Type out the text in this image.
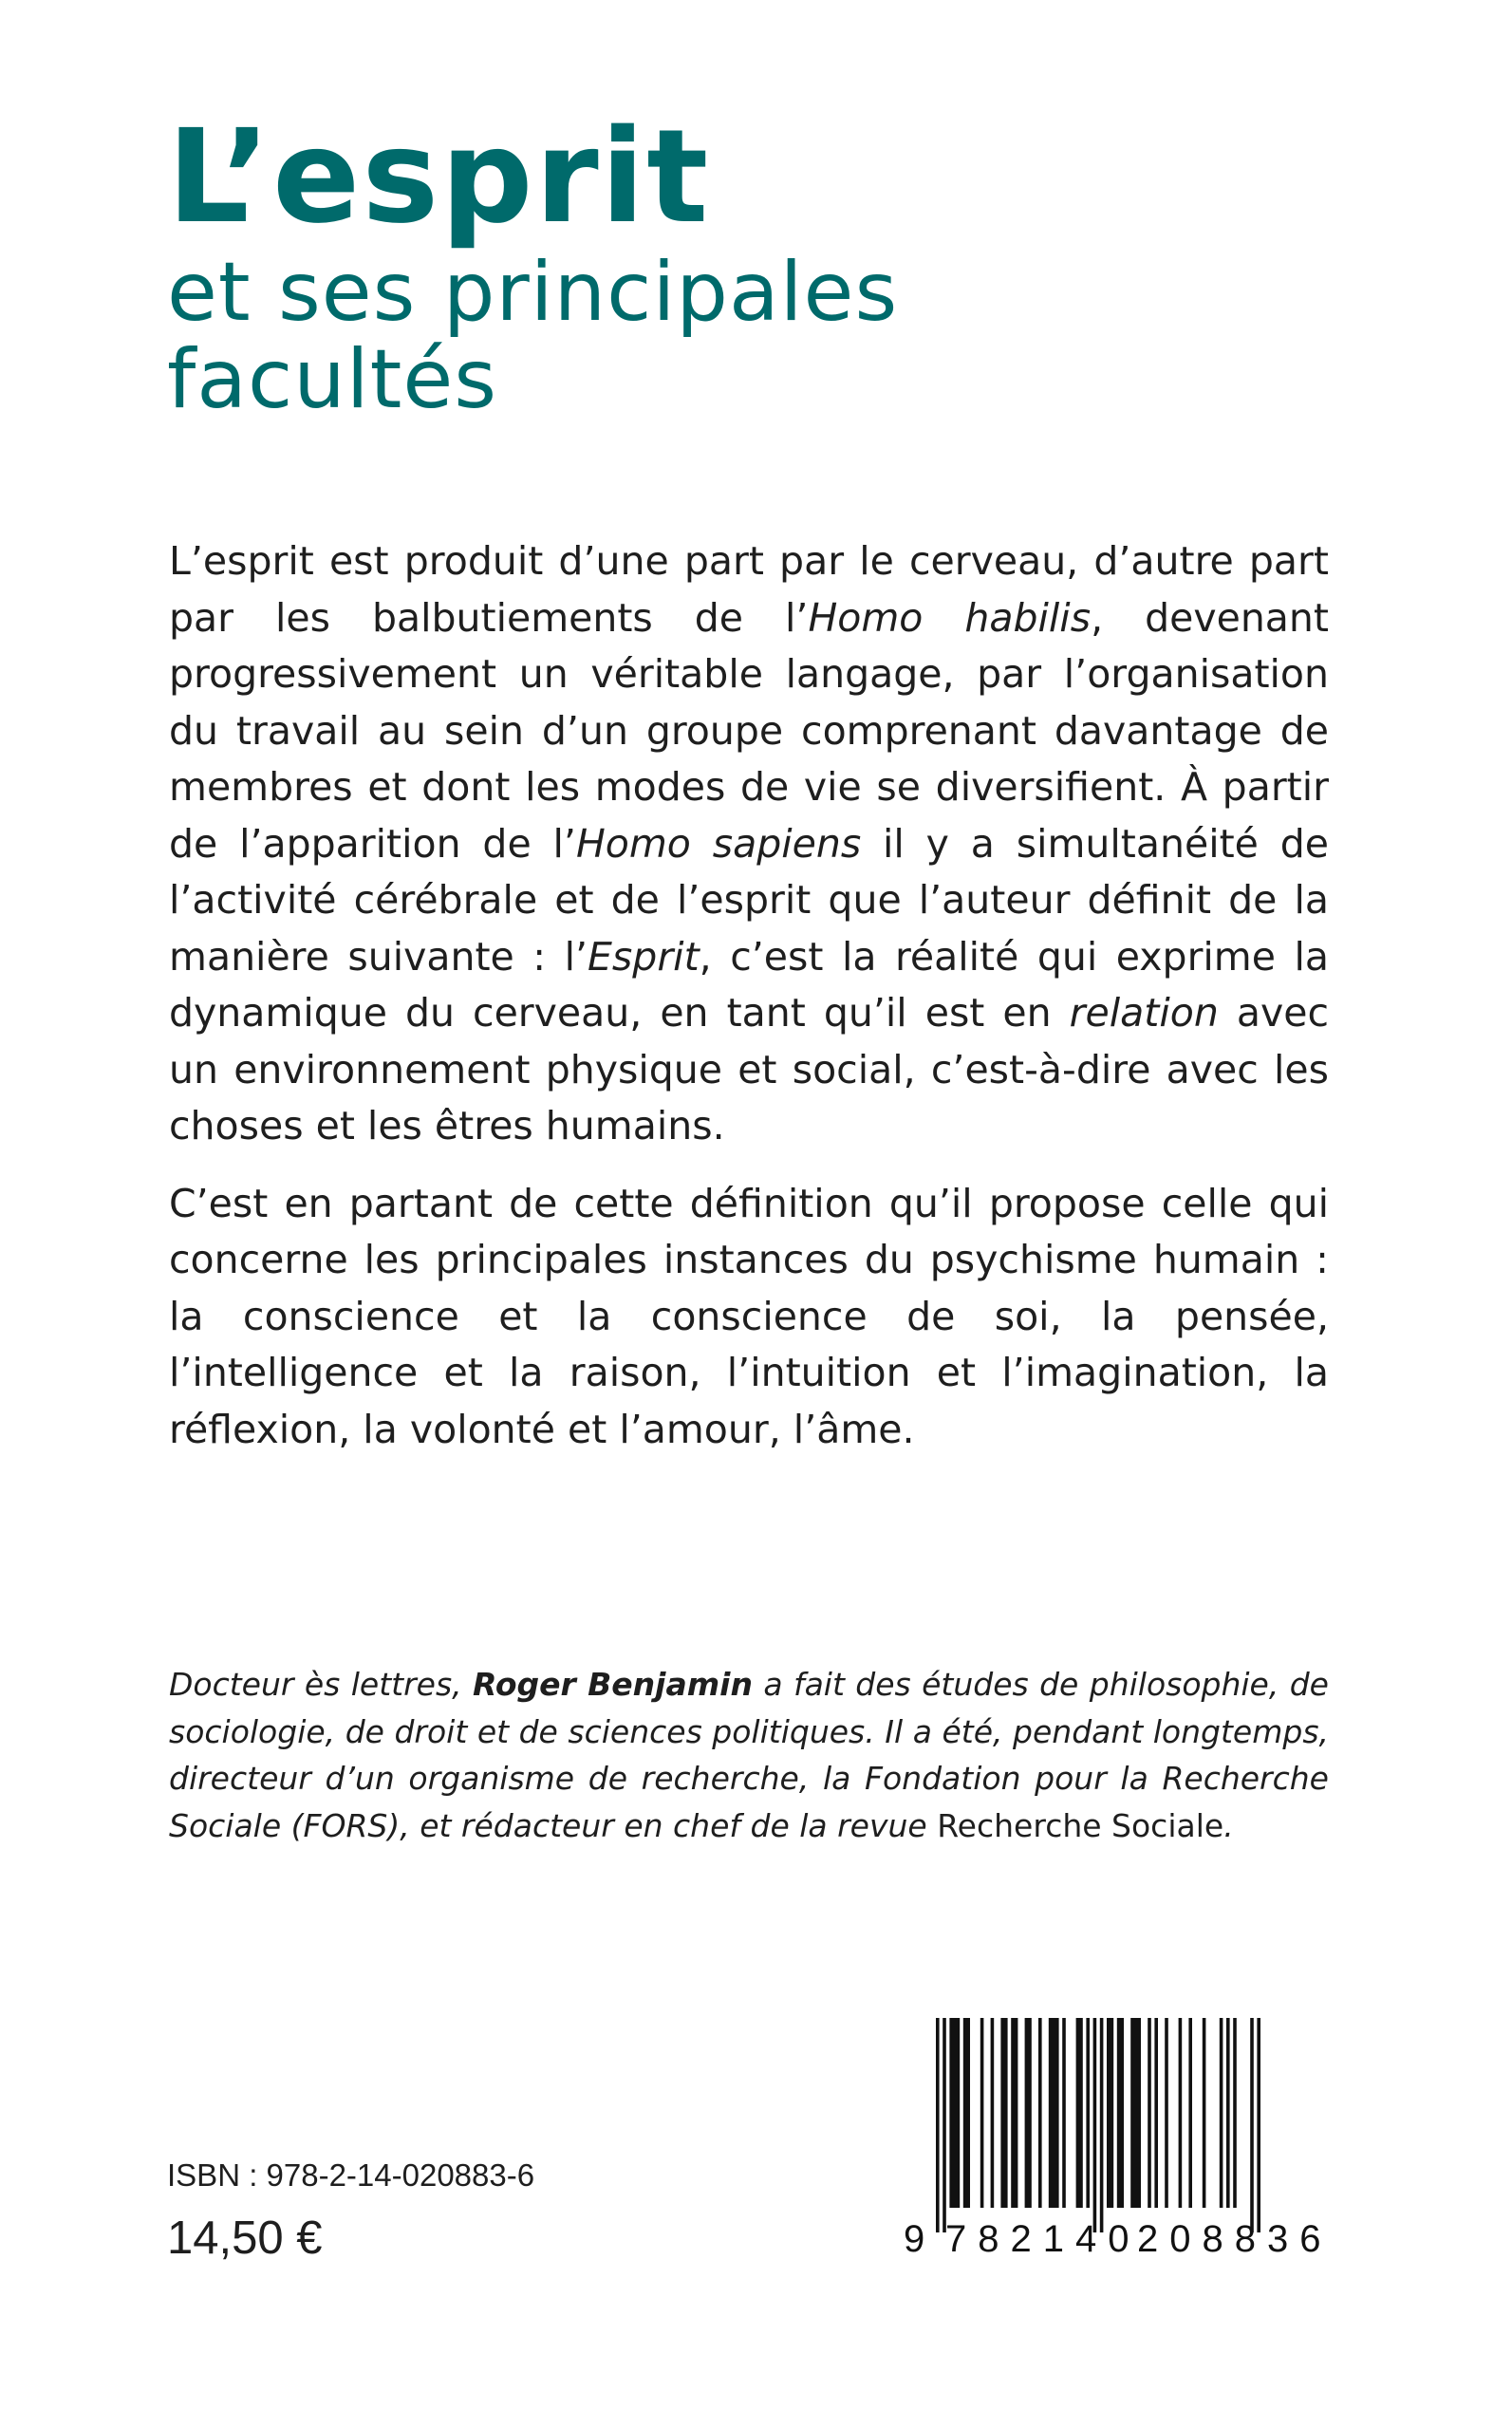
L’esprit
et ses principales
facultés

L’esprit est produit d’une part par le cerveau, d’autre part par les balbutiements de l’Homo habilis, devenant progressivement un véritable langage, par l’organisation du travail au sein d’un groupe comprenant davantage de membres et dont les modes de vie se diversifient. À partir de l’apparition de l’Homo sapiens il y a simultanéité de l’activité cérébrale et de l’esprit que l’auteur définit de la manière suivante : l’Esprit, c’est la réalité qui exprime la dynamique du cerveau, en tant qu’il est en relation avec un environnement physique et social, c’est-à-dire avec les choses et les êtres humains.

C’est en partant de cette définition qu’il propose celle qui concerne les principales instances du psychisme humain : la conscience et la conscience de soi, la pensée, l’intelligence et la raison, l’intuition et l’imagination, la réflexion, la volonté et l’amour, l’âme.

Docteur ès lettres, Roger Benjamin a fait des études de philosophie, de sociologie, de droit et de sciences politiques. Il a été, pendant longtemps, directeur d’un organisme de recherche, la Fondation pour la Recherche Sociale (FORS), et rédacteur en chef de la revue Recherche Sociale.

ISBN : 978-2-14-020883-6

14,50 €	9 782140
208836
